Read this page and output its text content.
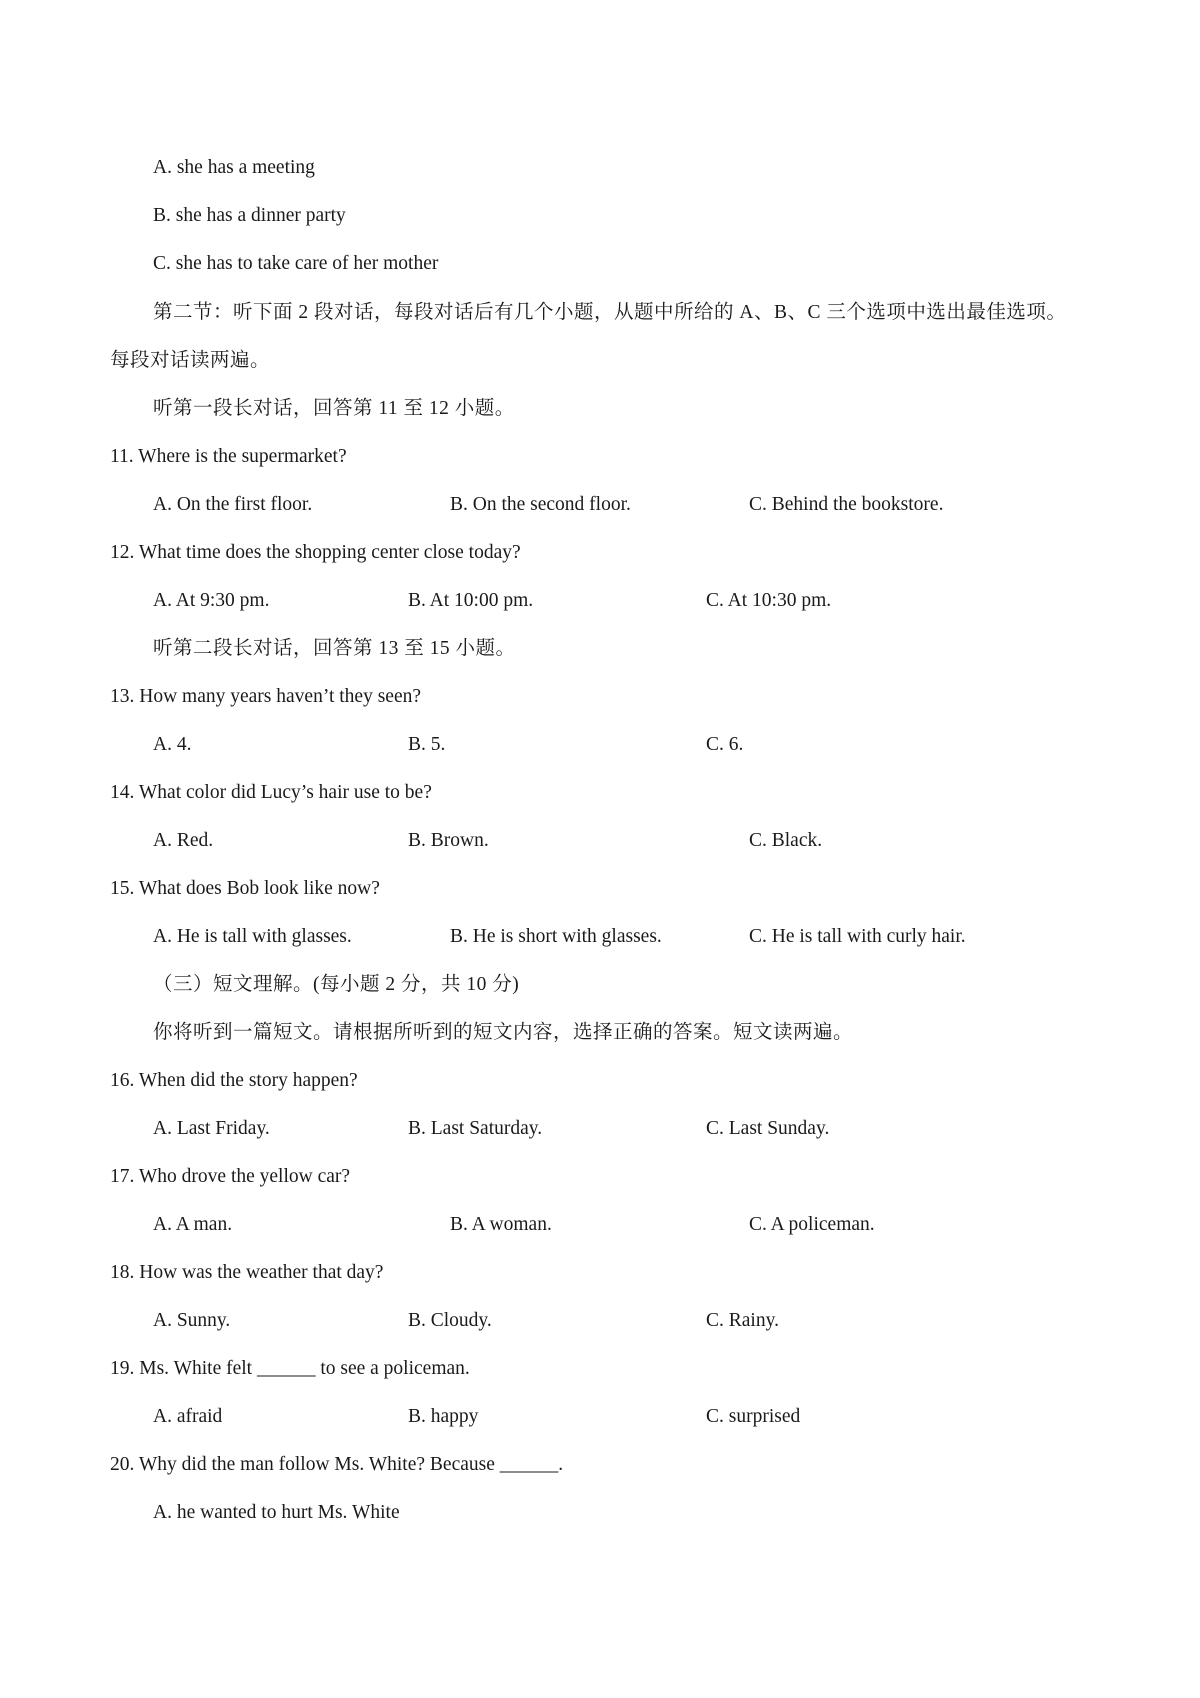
A. she has a meeting
B. she has a dinner party
C. she has to take care of her mother
第二节：听下面 2 段对话，每段对话后有几个小题，从题中所给的 A、B、C 三个选项中选出最佳选项。
每段对话读两遍。
听第一段长对话，回答第 11 至 12 小题。
11. Where is the supermarket?
A. On the first floor.	B. On the second floor.	C. Behind the bookstore.
12. What time does the shopping center close today?
A. At 9:30 pm.	B. At 10:00 pm.	C. At 10:30 pm.
听第二段长对话，回答第 13 至 15 小题。
13. How many years haven’t they seen?
A. 4.	B. 5.	C. 6.
14. What color did Lucy’s hair use to be?
A. Red.	B. Brown.	C. Black.
15. What does Bob look like now?
A. He is tall with glasses.	B. He is short with glasses.	C. He is tall with curly hair.
（三）短文理解。(每小题 2 分，共 10 分)
你将听到一篇短文。请根据所听到的短文内容，选择正确的答案。短文读两遍。
16. When did the story happen?
A. Last Friday.	B. Last Saturday.	C. Last Sunday.
17. Who drove the yellow car?
A. A man.	B. A woman.	C. A policeman.
18. How was the weather that day?
A. Sunny.	B. Cloudy.	C. Rainy.
19. Ms. White felt ______ to see a policeman.
A. afraid	B. happy	C. surprised
20. Why did the man follow Ms. White? Because ______.
A. he wanted to hurt Ms. White
